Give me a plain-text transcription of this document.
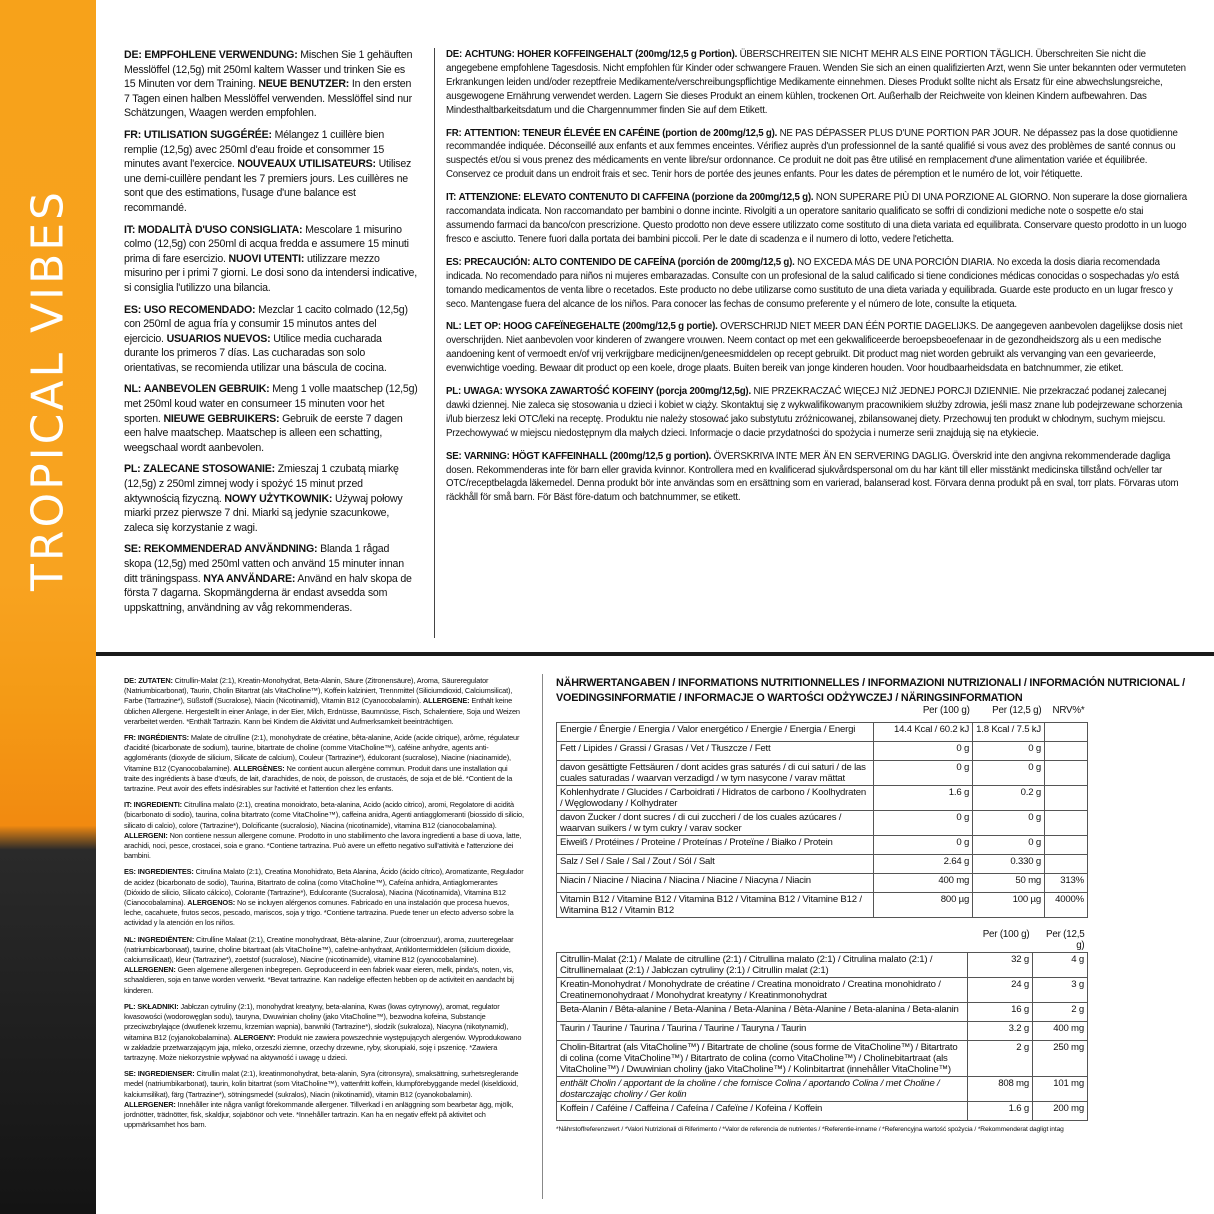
TROPICAL VIBES
DE: EMPFOHLENE VERWENDUNG: Mischen Sie 1 gehäuften Messlöffel (12,5g) mit 250ml kaltem Wasser und trinken Sie es 15 Minuten vor dem Training. NEUE BENUTZER: In den ersten 7 Tagen einen halben Messlöffel verwenden. Messlöffel sind nur Schätzungen, Waagen werden empfohlen.
FR: UTILISATION SUGGÉRÉE: Mélangez 1 cuillère bien remplie (12,5g) avec 250ml d'eau froide et consommer 15 minutes avant l'exercice. NOUVEAUX UTILISATEURS: Utilisez une demi-cuillère pendant les 7 premiers jours. Les cuillères ne sont que des estimations, l'usage d'une balance est recommandé.
IT: MODALITÀ D'USO CONSIGLIATA: Mescolare 1 misurino colmo (12,5g) con 250ml di acqua fredda e assumere 15 minuti prima di fare esercizio. NUOVI UTENTI: utilizzare mezzo misurino per i primi 7 giorni. Le dosi sono da intendersi indicative, si consiglia l'utilizzo una bilancia.
ES: USO RECOMENDADO: Mezclar 1 cacito colmado (12,5g) con 250ml de agua fría y consumir 15 minutos antes del ejercicio. USUARIOS NUEVOS: Utilice media cucharada durante los primeros 7 días. Las cucharadas son solo orientativas, se recomienda utilizar una báscula de cocina.
NL: AANBEVOLEN GEBRUIK: Meng 1 volle maatschep (12,5g) met 250ml koud water en consumeer 15 minuten voor het sporten. NIEUWE GEBRUIKERS: Gebruik de eerste 7 dagen een halve maatschep. Maatschep is alleen een schatting, weegschaal wordt aanbevolen.
PL: ZALECANE STOSOWANIE: Zmieszaj 1 czubatą miarkę (12,5g) z 250ml zimnej wody i spożyć 15 minut przed aktywnością fizyczną. NOWY UŻYTKOWNIK: Używaj połowy miarki przez pierwsze 7 dni. Miarki są jedynie szacunkowe, zaleca się korzystanie z wagi.
SE: REKOMMENDERAD ANVÄNDNING: Blanda 1 rågad skopa (12,5g) med 250ml vatten och använd 15 minuter innan ditt träningspass. NYA ANVÄNDARE: Använd en halv skopa de första 7 dagarna. Skopmängderna är endast avsedda som uppskattning, användning av våg rekommenderas.
DE: ACHTUNG: HOHER KOFFEINGEHALT (200mg/12,5 g Portion). ÜBERSCHREITEN SIE NICHT MEHR ALS EINE PORTION TÄGLICH. Überschreiten Sie nicht die angegebene empfohlene Tagesdosis. Nicht empfohlen für Kinder oder schwangere Frauen. Wenden Sie sich an einen qualifizierten Arzt, wenn Sie unter bekannten oder vermuteten Erkrankungen leiden und/oder rezeptfreie Medikamente/verschreibungspflichtige Medikamente einnehmen. Dieses Produkt sollte nicht als Ersatz für eine abwechslungsreiche, ausgewogene Ernährung verwendet werden. Lagern Sie dieses Produkt an einem kühlen, trockenen Ort. Außerhalb der Reichweite von kleinen Kindern aufbewahren. Das Mindesthaltbarkeitsdatum und die Chargennummer finden Sie auf dem Etikett.
FR: ATTENTION: TENEUR ÉLEVÉE EN CAFÉINE (portion de 200mg/12,5 g). NE PAS DÉPASSER PLUS D'UNE PORTION PAR JOUR. Ne dépassez pas la dose quotidienne recommandée indiquée. Déconseillé aux enfants et aux femmes enceintes. Vérifiez auprès d'un professionnel de la santé qualifié si vous avez des problèmes de santé connus ou suspectés et/ou si vous prenez des médicaments en vente libre/sur ordonnance. Ce produit ne doit pas être utilisé en remplacement d'une alimentation variée et équilibrée. Conservez ce produit dans un endroit frais et sec. Tenir hors de portée des jeunes enfants. Pour les dates de péremption et le numéro de lot, voir l'étiquette.
IT: ATTENZIONE: ELEVATO CONTENUTO DI CAFFEINA (porzione da 200mg/12,5 g). NON SUPERARE PIÙ DI UNA PORZIONE AL GIORNO. Non superare la dose giornaliera raccomandata indicata. Non raccomandato per bambini o donne incinte. Rivolgiti a un operatore sanitario qualificato se soffri di condizioni mediche note o sospette e/o stai assumendo farmaci da banco/con prescrizione. Questo prodotto non deve essere utilizzato come sostituto di una dieta variata ed equilibrata. Conservare questo prodotto in un luogo fresco e asciutto. Tenere fuori dalla portata dei bambini piccoli. Per le date di scadenza e il numero di lotto, vedere l'etichetta.
ES: PRECAUCIÓN: ALTO CONTENIDO DE CAFEÍNA (porción de 200mg/12,5 g). NO EXCEDA MÁS DE UNA PORCIÓN DIARIA. No exceda la dosis diaria recomendada indicada. No recomendado para niños ni mujeres embarazadas. Consulte con un profesional de la salud calificado si tiene condiciones médicas conocidas o sospechadas y/o está tomando medicamentos de venta libre o recetados. Este producto no debe utilizarse como sustituto de una dieta variada y equilibrada. Guarde este producto en un lugar fresco y seco. Mantengase fuera del alcance de los niños. Para conocer las fechas de consumo preferente y el número de lote, consulte la etiqueta.
NL: LET OP: HOOG CAFEÏNEGEHALTE (200mg/12,5 g portie). OVERSCHRIJD NIET MEER DAN ÉÉN PORTIE DAGELIJKS. De aangegeven aanbevolen dagelijkse dosis niet overschrijden. Niet aanbevolen voor kinderen of zwangere vrouwen. Neem contact op met een gekwalificeerde beroepsbeoefenaar in de gezondheidszorg als u een medische aandoening kent of vermoedt en/of vrij verkrijgbare medicijnen/geneesmiddelen op recept gebruikt. Dit product mag niet worden gebruikt als vervanging van een gevarieerde, evenwichtige voeding. Bewaar dit product op een koele, droge plaats. Buiten bereik van jonge kinderen houden. Voor houdbaarheidsdata en batchnummer, zie etiket.
PL: UWAGA: WYSOKA ZAWARTOŚĆ KOFEINY (porcja 200mg/12,5g). NIE PRZEKRACZAĆ WIĘCEJ NIŻ JEDNEJ PORCJI DZIENNIE. Nie przekraczać podanej zalecanej dawki dziennej. Nie zaleca się stosowania u dzieci i kobiet w ciąży. Skontaktuj się z wykwalifikowanym pracownikiem służby zdrowia, jeśli masz znane lub podejrzewane schorzenia i/lub bierzesz leki OTC/leki na receptę. Produktu nie należy stosować jako substytutu zróżnicowanej, zbilansowanej diety. Przechowuj ten produkt w chłodnym, suchym miejscu. Przechowywać w miejscu niedostępnym dla małych dzieci. Informacje o dacie przydatności do spożycia i numerze serii znajdują się na etykiecie.
SE: VARNING: HÖGT KAFFEINHALL (200mg/12,5 g portion). ÖVERSKRIVA INTE MER ÄN EN SERVERING DAGLIG. Överskrid inte den angivna rekommenderade dagliga dosen. Rekommenderas inte för barn eller gravida kvinnor. Kontrollera med en kvalificerad sjukvårdspersonal om du har känt till eller misstänkt medicinska tillstånd och/eller tar OTC/receptbelagda läkemedel. Denna produkt bör inte användas som en ersättning som en varierad, balanserad kost. Förvara denna produkt på en sval, torr plats. Förvaras utom räckhåll för små barn. För Bäst före-datum och batchnummer, se etikett.
DE: ZUTATEN: Citrullin-Malat (2:1), Kreatin-Monohydrat, Beta-Alanin, Säure (Zitronensäure), Aroma, Säureregulator (Natriumbicarbonat), Taurin, Cholin Bitartrat (als VitaCholine™), Koffein kalziniert, Trennmittel (Siliciumdioxid, Calciumsilicat), Farbe (Tartrazine*), Süßstoff (Sucralose), Niacin (Nicotinamid), Vitamin B12 (Cyanocobalamin). ALLERGENE: Enthält keine üblichen Allergene. Hergestellt in einer Anlage, in der Eier, Milch, Erdnüsse, Baumnüsse, Fisch, Schalentiere, Soja und Weizen verarbeitet werden. *Enthält Tartrazin. Kann bei Kindern die Aktivität und Aufmerksamkeit beeinträchtigen.
FR: INGRÉDIENTS: Malate de citrulline (2:1), monohydrate de créatine, bêta-alanine, Acide (acide citrique), arôme, régulateur d'acidité (bicarbonate de sodium), taurine, bitartrate de choline (comme VitaCholine™), caféine anhydre, agents anti-agglomérants (dioxyde de silicium, Silicate de calcium), Couleur (Tartrazine*), édulcorant (sucralose), Niacine (niacinamide), Vitamine B12 (Cyanocobalamine). ALLERGÈNES: Ne contient aucun allergène commun. Produit dans une installation qui traite des ingrédients à base d'œufs, de lait, d'arachides, de noix, de poisson, de crustacés, de soja et de blé. *Contient de la tartrazine. Peut avoir des effets indésirables sur l'activité et l'attention chez les enfants.
IT: INGREDIENTI: Citrullina malato (2:1), creatina monoidrato, beta-alanina, Acido (acido citrico), aromi, Regolatore di acidità (bicarbonato di sodio), taurina, colina bitartrato (come VitaCholine™), caffeina anidra, Agenti antiagglomeranti (biossido di silicio, silicato di calcio), colore (Tartrazine*), Dolcificante (sucralosio), Niacina (nicotinamide), vitamina B12 (cianocobalamina). ALLERGENI: Non contiene nessun allergene comune. Prodotto in uno stabilimento che lavora ingredienti a base di uova, latte, arachidi, noci, pesce, crostacei, soia e grano. *Contiene tartrazina. Può avere un effetto negativo sull'attività e l'attenzione dei bambini.
ES: INGREDIENTES: Citrulina Malato (2:1), Creatina Monohidrato, Beta Alanina, Ácido (ácido cítrico), Aromatizante, Regulador de acidez (bicarbonato de sodio), Taurina, Bitartrato de colina (como VitaCholine™), Cafeína anhidra, Antiaglomerantes (Dióxido de silicio, Silicato cálcico), Colorante (Tartrazine*), Edulcorante (Sucralosa), Niacina (Nicotinamida), Vitamina B12 (Cianocobalamina). ALERGENOS: No se incluyen alérgenos comunes. Fabricado en una instalación que procesa huevos, leche, cacahuete, frutos secos, pescado, mariscos, soja y trigo. *Contiene tartrazina. Puede tener un efecto adverso sobre la actividad y la atención en los niños.
NL: INGREDIËNTEN: Citrulline Malaat (2:1), Creatine monohydraat, Bèta-alanine, Zuur (citroenzuur), aroma, zuurteregelaar (natriumbicarbonaat), taurine, choline bitartraat (als VitaCholine™), cafeïne-anhydraat, Antiklontermiddelen (silicium dioxide, calciumsilicaat), kleur (Tartrazine*), zoetstof (sucralose), Niacine (nicotinamide), vitamine B12 (cyanocobalamine). ALLERGENEN: Geen algemene allergenen inbegrepen. Geproduceerd in een fabriek waar eieren, melk, pinda's, noten, vis, schaaldieren, soja en tarwe worden verwerkt. *Bevat tartrazine. Kan nadelige effecten hebben op de activiteit en aandacht bij kinderen.
PL: SKŁADNIKI: Jabłczan cytruliny (2:1), monohydrat kreatyny, beta-alanina, Kwas (kwas cytrynowy), aromat, regulator kwasowości (wodorowęglan sodu), tauryna, Dwuwinian choliny (jako VitaCholine™), bezwodna kofeina, Substancje przeciwzbrylające (dwutlenek krzemu, krzemian wapnia), barwniki (Tartrazine*), słodzik (sukraloza), Niacyna (nikotynamid), witamina B12 (cyjanokobalamina). ALERGENY: Produkt nie zawiera powszechnie występujących alergenów. Wyprodukowano w zakładzie przetwarzającym jaja, mleko, orzeszki ziemne, orzechy drzewne, ryby, skorupiaki, soję i pszenicę. *Zawiera tartrazynę. Może niekorzystnie wpływać na aktywność i uwagę u dzieci.
SE: INGREDIENSER: Citrullin malat (2:1), kreatinmonohydrat, beta-alanin, Syra (citronsyra), smaksättning, surhetsreglerande medel (natriumbikarbonat), taurin, kolin bitartrat (som VitaCholine™), vattenfritt koffein, klumpförebyggande medel (kiseldioxid, kalciumsilikat), färg (Tartrazine*), sötningsmedel (sukralos), Niacin (nikotinamid), vitamin B12 (cyanokobalamin). ALLERGENER: Innehåller inte några vanligt förekommande allergener. Tillverkad i en anläggning som bearbetar ägg, mjölk, jordnötter, trädnötter, fisk, skaldjur, sojabönor och vete. *Innehåller tartrazin. Kan ha en negativ effekt på aktivitet och uppmärksamhet hos barn.
NÄHRWERTANGABEN / INFORMATIONS NUTRITIONNELLES / INFORMAZIONI NUTRIZIONALI / INFORMACIÓN NUTRICIONAL /
VOEDINGSINFORMATIE / INFORMACJE O WARTOŚCI ODŻYWCZEJ / NÄRINGSINFORMATION
	Per (100 g)	Per (12,5 g)	NRV%*
Energie / Énergie / Energia / Valor energético / Energie / Energia / Energi	14.4 Kcal / 60.2 kJ	1.8 Kcal / 7.5 kJ	
Fett / Lipides / Grassi / Grasas / Vet / Tłuszcze / Fett	0 g	0 g	
davon gesättigte Fettsäuren / dont acides gras saturés / di cui saturi / de las cuales saturadas / waarvan verzadigd / w tym nasycone / varav mättat	0 g	0 g	
Kohlenhydrate / Glucides / Carboidrati / Hidratos de carbono / Koolhydraten / Węglowodany / Kolhydrater	1.6 g	0.2 g	
davon Zucker / dont sucres / di cui zuccheri / de los cuales azúcares / waarvan suikers / w tym cukry / varav socker	0 g	0 g	
Eiweiß / Protéines / Proteine / Proteínas / Proteïne / Białko / Protein	0 g	0 g	
Salz / Sel / Sale / Sal / Zout / Sól / Salt	2.64 g	0.330 g	
Niacin / Niacine / Niacina / Niacina / Niacine / Niacyna / Niacin	400 mg	50 mg	313%
Vitamin B12 / Vitamine B12 / Vitamina B12 / Vitamina B12 / Vitamine B12 / Witamina B12 / Vitamin B12	800 µg	100 µg	4000%
	Per (100 g)	Per (12,5 g)
Citrullin-Malat (2:1) / Malate de citrulline (2:1) / Citrullina malato (2:1) / Citrulina malato (2:1) / Citrullinemalaat (2:1) / Jabłczan cytruliny (2:1) / Citrullin malat (2:1)	32 g	4 g
Kreatin-Monohydrat / Monohydrate de créatine / Creatina monoidrato / Creatina monohidrato / Creatinemonohydraat / Monohydrat kreatyny / Kreatinmonohydrat	24 g	3 g
Beta-Alanin / Bêta-alanine / Beta-Alanina / Beta-Alanina / Bèta-Alanine / Beta-alanina / Beta-alanin	16 g	2 g
Taurin / Taurine / Taurina / Taurina / Taurine / Tauryna / Taurin	3.2 g	400 mg
Cholin-Bitartrat (als VitaCholine™) / Bitartrate de choline (sous forme de VitaCholine™) / Bitartrato di colina (come VitaCholine™) / Bitartrato de colina (como VitaCholine™) / Cholinebitartraat (als VitaCholine™) / Dwuwinian choliny (jako VitaCholine™) / Kolinbitartrat (innehåller VitaCholine™)	2 g	250 mg
enthält Cholin / apportant de la choline / che fornisce Colina / aportando Colina / met Choline / dostarczając choliny / Ger kolin	808 mg	101 mg
Koffein / Caféine / Caffeina / Cafeína / Cafeïne / Kofeina / Koffein	1.6 g	200 mg
*Nährstoffreferenzwert / *Valori Nutrizionali di Riferimento / *Valor de referencia de nutrientes / *Referentie-inname / *Referencyjna wartość spożycia / *Rekommenderat dagligt intag
